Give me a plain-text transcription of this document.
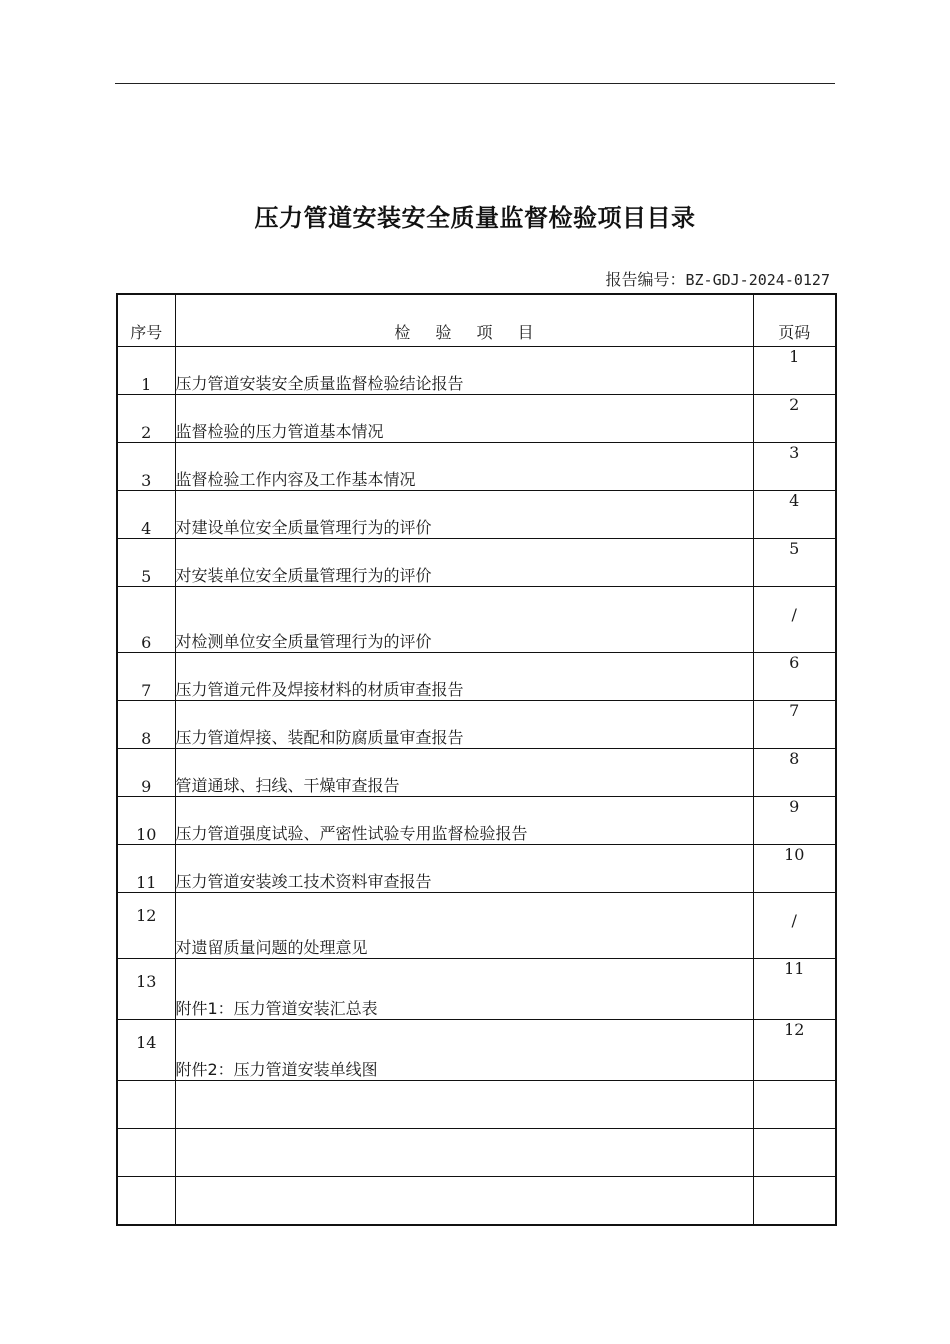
压力管道安装安全质量监督检验项目目录
报告编号：BZ-GDJ-2024-0127
序号	检 验 项 目	页码
1	压力管道安装安全质量监督检验结论报告	1
2	监督检验的压力管道基本情况	2
3	监督检验工作内容及工作基本情况	3
4	对建设单位安全质量管理行为的评价	4
5	对安装单位安全质量管理行为的评价	5
6	对检测单位安全质量管理行为的评价	/
7	压力管道元件及焊接材料的材质审查报告	6
8	压力管道焊接、装配和防腐质量审查报告	7
9	管道通球、扫线、干燥审查报告	8
10	压力管道强度试验、严密性试验专用监督检验报告	9
11	压力管道安装竣工技术资料审查报告	10
12	对遗留质量问题的处理意见	/
13	附件1：压力管道安装汇总表	11
14	附件2：压力管道安装单线图	12
